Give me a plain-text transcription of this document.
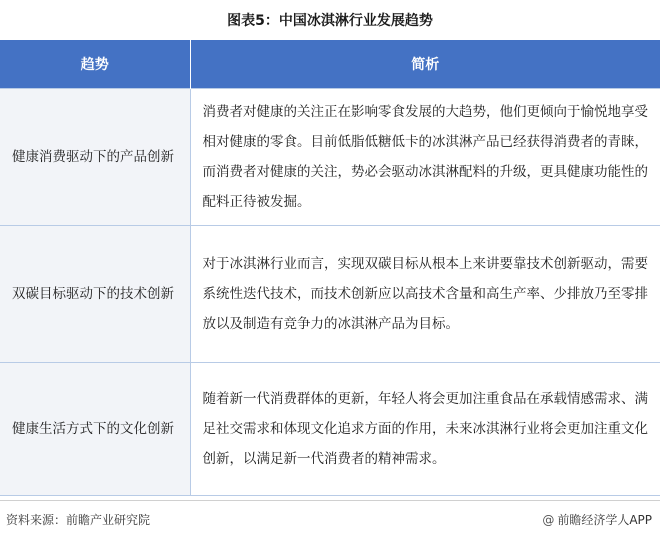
图表5：中国冰淇淋行业发展趋势
趋势	简析
健康消费驱动下的产品创新	消费者对健康的关注正在影响零食发展的大趋势，他们更倾向于愉悦地享受相对健康的零食。目前低脂低糖低卡的冰淇淋产品已经获得消费者的青睐，而消费者对健康的关注，势必会驱动冰淇淋配料的升级，更具健康功能性的配料正待被发掘。
双碳目标驱动下的技术创新	对于冰淇淋行业而言，实现双碳目标从根本上来讲要靠技术创新驱动，需要系统性迭代技术，而技术创新应以高技术含量和高生产率、少排放乃至零排放以及制造有竞争力的冰淇淋产品为目标。
健康生活方式下的文化创新	随着新一代消费群体的更新，年轻人将会更加注重食品在承载情感需求、满足社交需求和体现文化追求方面的作用，未来冰淇淋行业将会更加注重文化创新，以满足新一代消费者的精神需求。
资料来源：前瞻产业研究院	@ 前瞻经济学人APP
